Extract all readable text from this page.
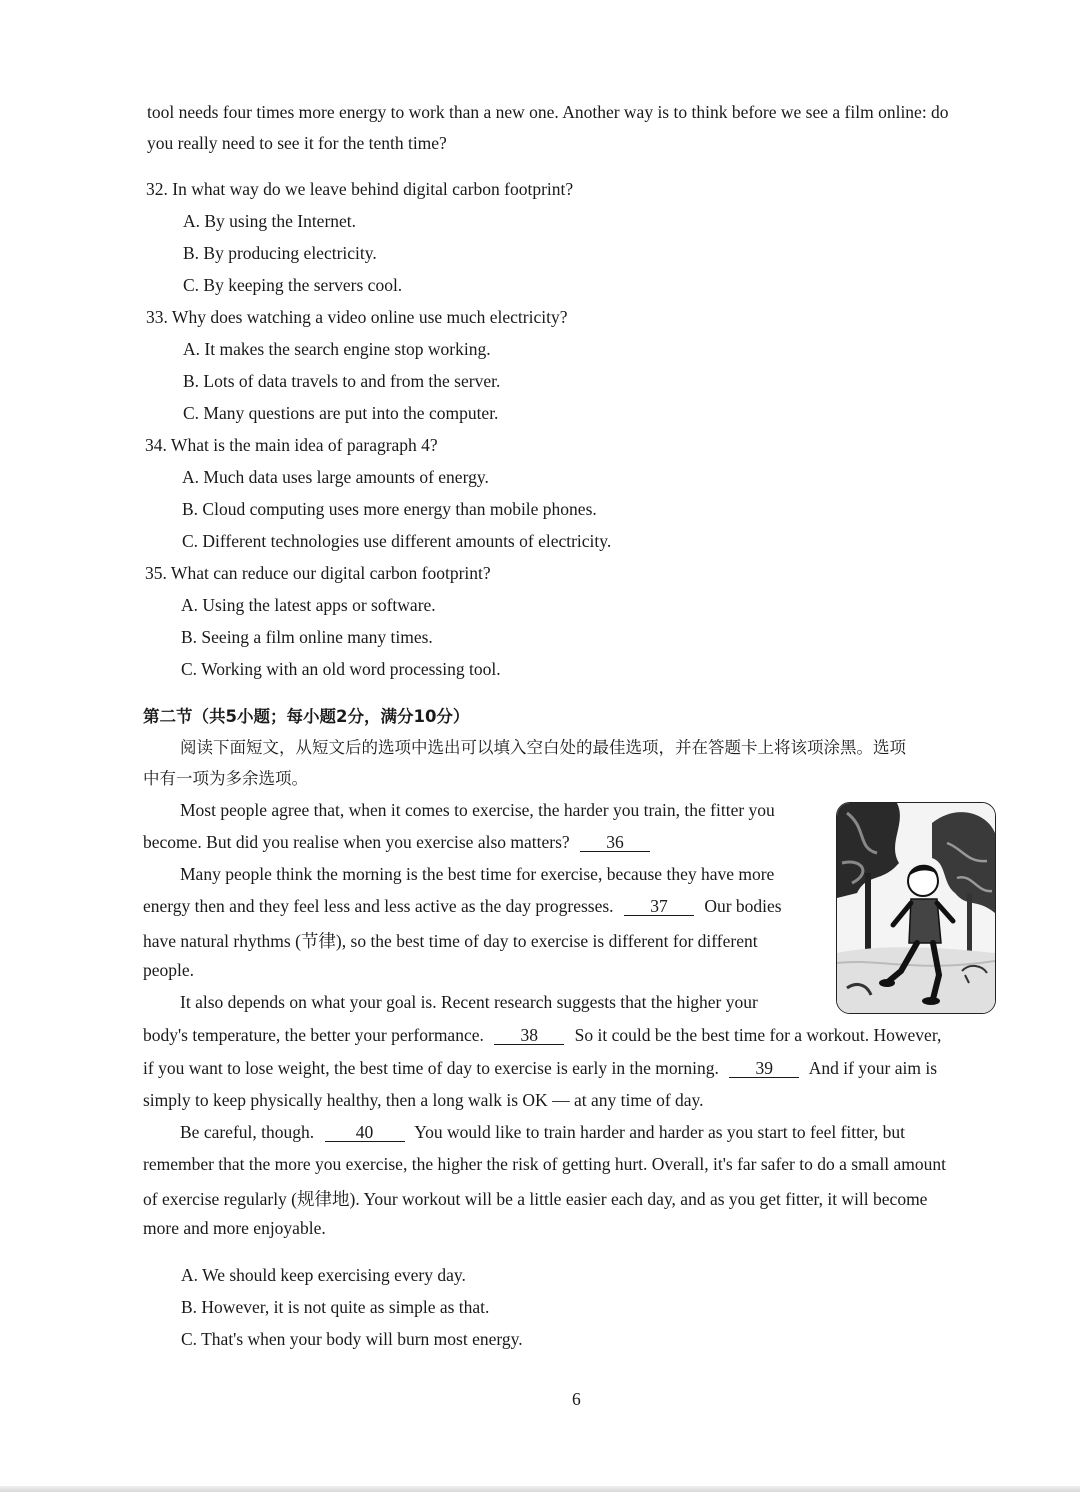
tool needs four times more energy to work than a new one. Another way is to think before we see a film online: do
you really need to see it for the tenth time?
32. In what way do we leave behind digital carbon footprint?
A. By using the Internet.
B. By producing electricity.
C. By keeping the servers cool.
33. Why does watching a video online use much electricity?
A. It makes the search engine stop working.
B. Lots of data travels to and from the server.
C. Many questions are put into the computer.
34. What is the main idea of paragraph 4?
A. Much data uses large amounts of energy.
B. Cloud computing uses more energy than mobile phones.
C. Different technologies use different amounts of electricity.
35. What can reduce our digital carbon footprint?
A. Using the latest apps or software.
B. Seeing a film online many times.
C. Working with an old word processing tool.
第二节（共5小题；每小题2分，满分10分）
阅读下面短文，从短文后的选项中选出可以填入空白处的最佳选项，并在答题卡上将该项涂黑。选项
中有一项为多余选项。
Most people agree that, when it comes to exercise, the harder you train, the fitter you
become. But did you realise when you exercise also matters? 36
Many people think the morning is the best time for exercise, because they have more
energy then and they feel less and less active as the day progresses. 37 Our bodies
have natural rhythms (节律), so the best time of day to exercise is different for different
people.
It also depends on what your goal is. Recent research suggests that the higher your
body's temperature, the better your performance. 38 So it could be the best time for a workout. However,
if you want to lose weight, the best time of day to exercise is early in the morning. 39 And if your aim is
simply to keep physically healthy, then a long walk is OK — at any time of day.
Be careful, though. 40 You would like to train harder and harder as you start to feel fitter, but
remember that the more you exercise, the higher the risk of getting hurt. Overall, it's far safer to do a small amount
of exercise regularly (规律地). Your workout will be a little easier each day, and as you get fitter, it will become
more and more enjoyable.
A. We should keep exercising every day.
B. However, it is not quite as simple as that.
C. That's when your body will burn most energy.
6
